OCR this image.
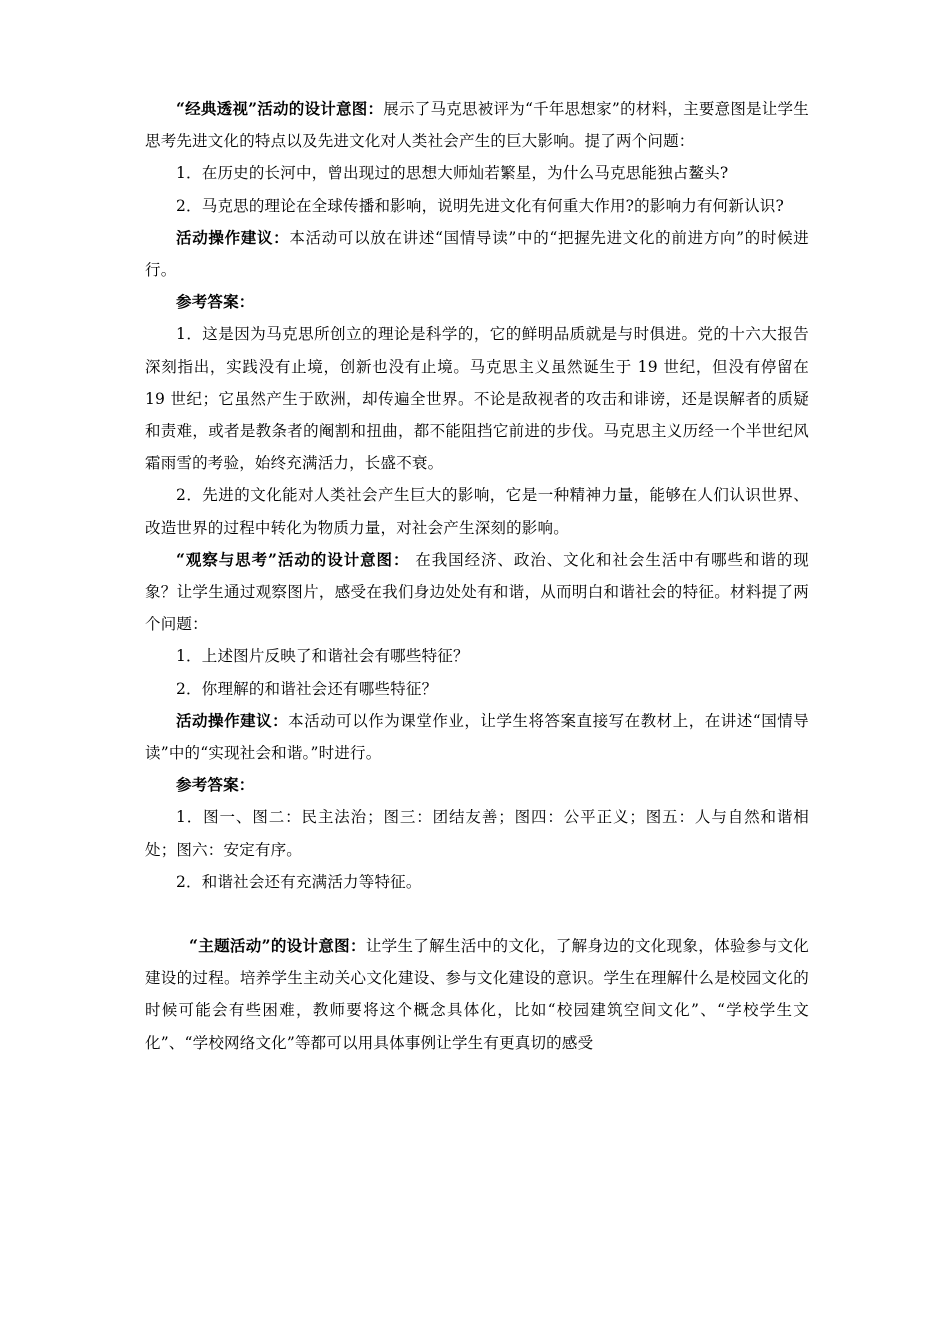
“经典透视”活动的设计意图：展示了马克思被评为“千年思想家”的材料，主要意图是让学生思考先进文化的特点以及先进文化对人类社会产生的巨大影响。提了两个问题：

1．在历史的长河中，曾出现过的思想大师灿若繁星，为什么马克思能独占鳌头?

2．马克思的理论在全球传播和影响，说明先进文化有何重大作用?的影响力有何新认识?

活动操作建议：本活动可以放在讲述“国情导读”中的“把握先进文化的前进方向”的时候进行。

参考答案：

1．这是因为马克思所创立的理论是科学的，它的鲜明品质就是与时俱进。党的十六大报告深刻指出，实践没有止境，创新也没有止境。马克思主义虽然诞生于 19 世纪，但没有停留在 19 世纪；它虽然产生于欧洲，却传遍全世界。不论是敌视者的攻击和诽谤，还是误解者的质疑和责难，或者是教条者的阉割和扭曲，都不能阻挡它前进的步伐。马克思主义历经一个半世纪风霜雨雪的考验，始终充满活力，长盛不衰。

2．先进的文化能对人类社会产生巨大的影响，它是一种精神力量，能够在人们认识世界、改造世界的过程中转化为物质力量，对社会产生深刻的影响。

“观察与思考”活动的设计意图： 在我国经济、政治、文化和社会生活中有哪些和谐的现象？让学生通过观察图片，感受在我们身边处处有和谐，从而明白和谐社会的特征。材料提了两个问题：

1．上述图片反映了和谐社会有哪些特征？

2．你理解的和谐社会还有哪些特征？

活动操作建议：本活动可以作为课堂作业，让学生将答案直接写在教材上，在讲述“国情导读”中的“实现社会和谐。”时进行。

参考答案：

1．图一、图二：民主法治；图三：团结友善；图四：公平正义；图五：人与自然和谐相处；图六：安定有序。

2．和谐社会还有充满活力等特征。

“主题活动”的设计意图：让学生了解生活中的文化，了解身边的文化现象，体验参与文化建设的过程。培养学生主动关心文化建设、参与文化建设的意识。学生在理解什么是校园文化的时候可能会有些困难，教师要将这个概念具体化，比如“校园建筑空间文化”、“学校学生文化”、“学校网络文化”等都可以用具体事例让学生有更真切的感受
